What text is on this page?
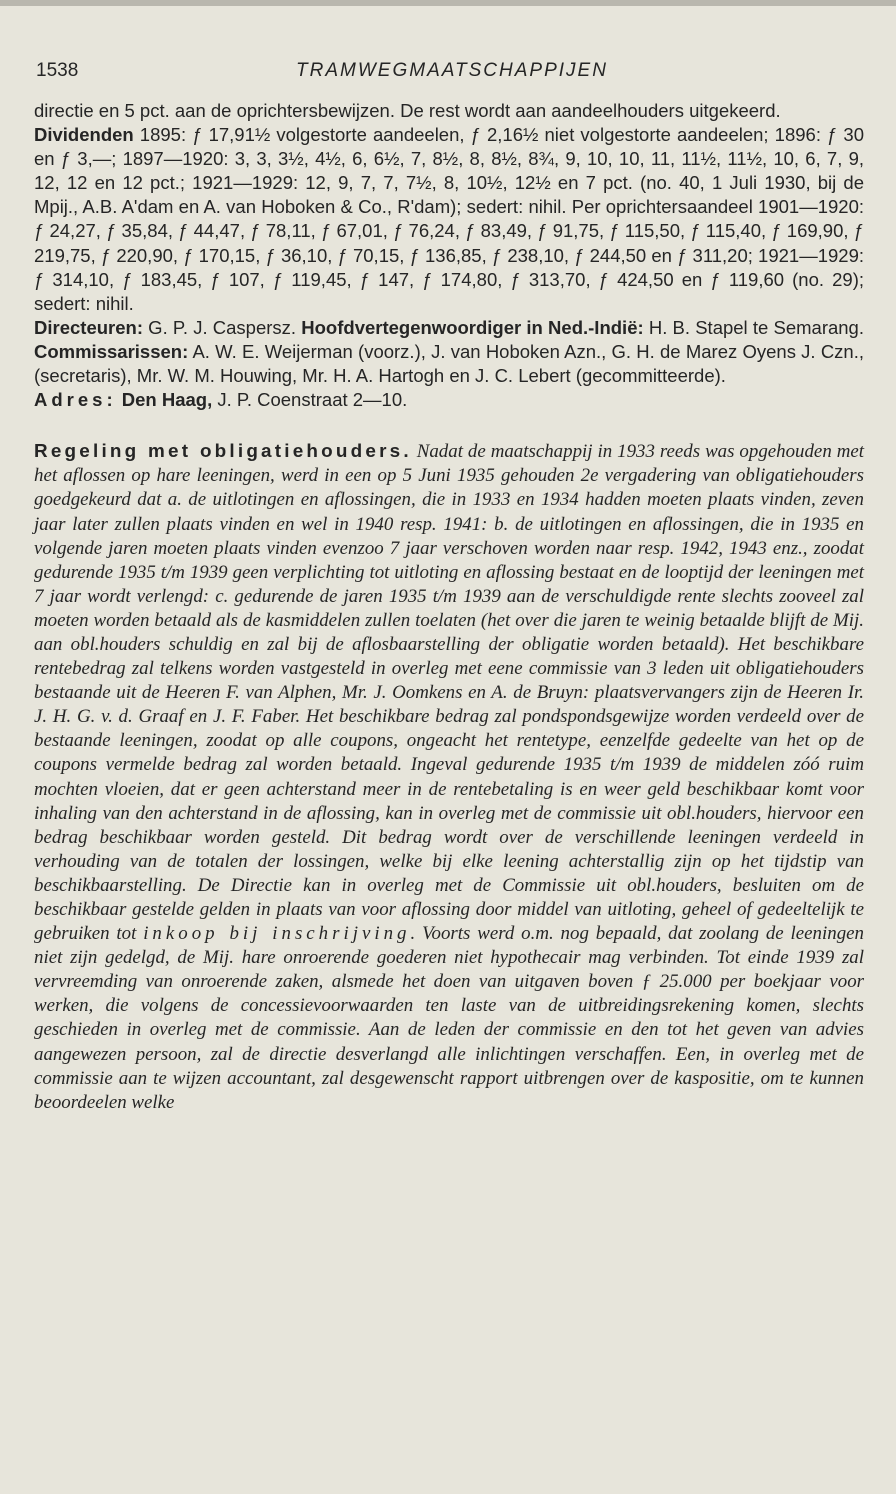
1538	TRAMWEGMAATSCHAPPIJEN

directie en 5 pct. aan de oprichtersbewijzen. De rest wordt aan aandeelhouders uitgekeerd.

Dividenden 1895: ƒ 17,91½ volgestorte aandeelen, ƒ 2,16½ niet volgestorte aandeelen; 1896: ƒ 30 en ƒ 3,—; 1897—1920: 3, 3, 3½, 4½, 6, 6½, 7, 8½, 8, 8½, 8¾, 9, 10, 10, 11, 11½, 11½, 10, 6, 7, 9, 12, 12 en 12 pct.; 1921—1929: 12, 9, 7, 7, 7½, 8, 10½, 12½ en 7 pct. (no. 40, 1 Juli 1930, bij de Mpij., A.B. A'dam en A. van Hoboken & Co., R'dam); sedert: nihil. Per oprichtersaandeel 1901—1920: ƒ 24,27, ƒ 35,84, ƒ 44,47, ƒ 78,11, ƒ 67,01, ƒ 76,24, ƒ 83,49, ƒ 91,75, ƒ 115,50, ƒ 115,40, ƒ 169,90, ƒ 219,75, ƒ 220,90, ƒ 170,15, ƒ 36,10, ƒ 70,15, ƒ 136,85, ƒ 238,10, ƒ 244,50 en ƒ 311,20; 1921—1929: ƒ 314,10, ƒ 183,45, ƒ 107, ƒ 119,45, ƒ 147, ƒ 174,80, ƒ 313,70, ƒ 424,50 en ƒ 119,60 (no. 29); sedert: nihil.

Directeuren: G. P. J. Caspersz. Hoofdvertegenwoordiger in Ned.-Indië: H. B. Stapel te Semarang. Commissarissen: A. W. E. Weijerman (voorz.), J. van Hoboken Azn., G. H. de Marez Oyens J. Czn., (secretaris), Mr. W. M. Houwing, Mr. H. A. Hartogh en J. C. Lebert (gecommitteerde).

Adres: Den Haag, J. P. Coenstraat 2—10.

Regeling met obligatiehouders. Nadat de maatschappij in 1933 reeds was opgehouden met het aflossen op hare leeningen, werd in een op 5 Juni 1935 gehouden 2e vergadering van obligatiehouders goedgekeurd dat a. de uitlotingen en aflossingen, die in 1933 en 1934 hadden moeten plaats vinden, zeven jaar later zullen plaats vinden en wel in 1940 resp. 1941: b. de uitlotingen en aflossingen, die in 1935 en volgende jaren moeten plaats vinden evenzoo 7 jaar verschoven worden naar resp. 1942, 1943 enz., zoodat gedurende 1935 t/m 1939 geen verplichting tot uitloting en aflossing bestaat en de looptijd der leeningen met 7 jaar wordt verlengd: c. gedurende de jaren 1935 t/m 1939 aan de verschuldigde rente slechts zooveel zal moeten worden betaald als de kasmiddelen zullen toelaten (het over die jaren te weinig betaalde blijft de Mij. aan obl.houders schuldig en zal bij de aflosbaarstelling der obligatie worden betaald). Het beschikbare rentebedrag zal telkens worden vastgesteld in overleg met eene commissie van 3 leden uit obligatiehouders bestaande uit de Heeren F. van Alphen, Mr. J. Oomkens en A. de Bruyn: plaatsvervangers zijn de Heeren Ir. J. H. G. v. d. Graaf en J. F. Faber. Het beschikbare bedrag zal pondspondsgewijze worden verdeeld over de bestaande leeningen, zoodat op alle coupons, ongeacht het rentetype, eenzelfde gedeelte van het op de coupons vermelde bedrag zal worden betaald. Ingeval gedurende 1935 t/m 1939 de middelen zóó ruim mochten vloeien, dat er geen achterstand meer in de rentebetaling is en weer geld beschikbaar komt voor inhaling van den achterstand in de aflossing, kan in overleg met de commissie uit obl.houders, hiervoor een bedrag beschikbaar worden gesteld. Dit bedrag wordt over de verschillende leeningen verdeeld in verhouding van de totalen der lossingen, welke bij elke leening achterstallig zijn op het tijdstip van beschikbaarstelling. De Directie kan in overleg met de Commissie uit obl.houders, besluiten om de beschikbaar gestelde gelden in plaats van voor aflossing door middel van uitloting, geheel of gedeeltelijk te gebruiken tot inkoop bij inschrijving. Voorts werd o.m. nog bepaald, dat zoolang de leeningen niet zijn gedelgd, de Mij. hare onroerende goederen niet hypothecair mag verbinden. Tot einde 1939 zal vervreemding van onroerende zaken, alsmede het doen van uitgaven boven ƒ 25.000 per boekjaar voor werken, die volgens de concessievoorwaarden ten laste van de uitbreidingsrekening komen, slechts geschieden in overleg met de commissie. Aan de leden der commissie en den tot het geven van advies aangewezen persoon, zal de directie desverlangd alle inlichtingen verschaffen. Een, in overleg met de commissie aan te wijzen accountant, zal desgewenscht rapport uitbrengen over de kaspositie, om te kunnen beoordeelen welke
